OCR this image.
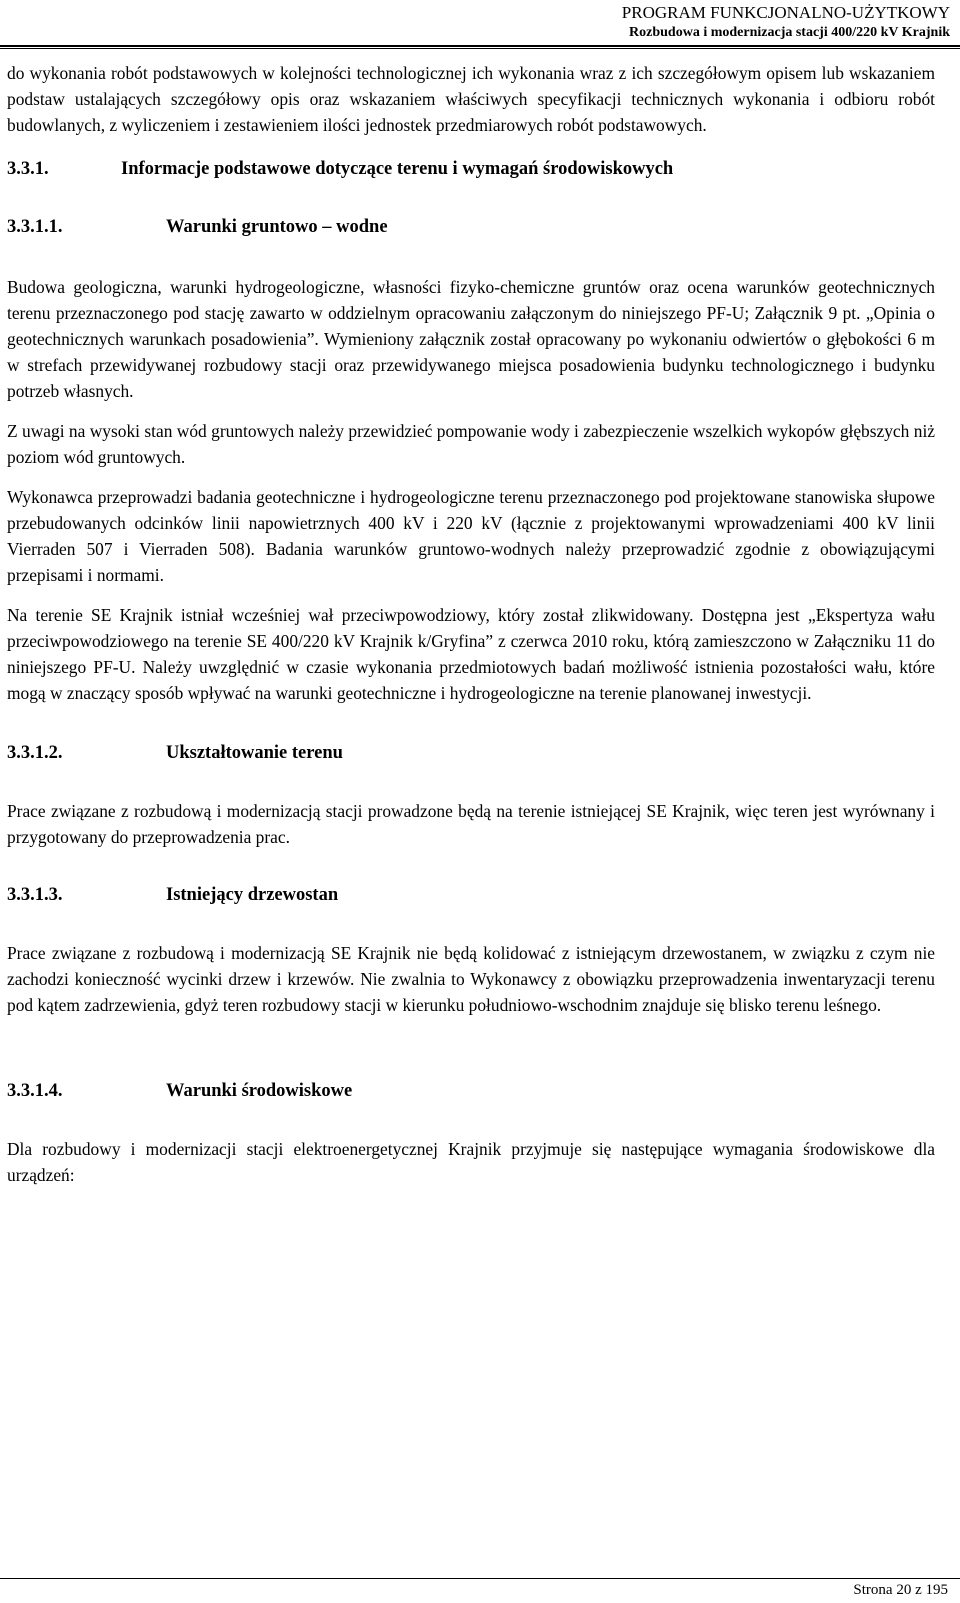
PROGRAM FUNKCJONALNO-UŻYTKOWY
Rozbudowa i modernizacja stacji 400/220 kV Krajnik

do wykonania robót podstawowych w kolejności technologicznej ich wykonania wraz z ich szczegółowym opisem lub wskazaniem podstaw ustalających szczegółowy opis oraz wskazaniem właściwych specyfikacji technicznych wykonania i odbioru robót budowlanych, z wyliczeniem i zestawieniem ilości jednostek przedmiarowych robót podstawowych.

3.3.1.	Informacje podstawowe dotyczące terenu i wymagań środowiskowych
3.3.1.1.	Warunki gruntowo – wodne

Budowa geologiczna, warunki hydrogeologiczne, własności fizyko-chemiczne gruntów oraz ocena warunków geotechnicznych terenu przeznaczonego pod stację zawarto w oddzielnym opracowaniu załączonym do niniejszego PF-U; Załącznik 9 pt. „Opinia o geotechnicznych warunkach posadowienia”. Wymieniony załącznik został opracowany po wykonaniu odwiertów o głębokości 6 m w strefach przewidywanej rozbudowy stacji oraz przewidywanego miejsca posadowienia budynku technologicznego i budynku potrzeb własnych.

Z uwagi na wysoki stan wód gruntowych należy przewidzieć pompowanie wody i zabezpieczenie wszelkich wykopów głębszych niż poziom wód gruntowych.

Wykonawca przeprowadzi badania geotechniczne i hydrogeologiczne terenu przeznaczonego pod projektowane stanowiska słupowe przebudowanych odcinków linii napowietrznych 400 kV i 220 kV (łącznie z projektowanymi wprowadzeniami 400 kV linii Vierraden 507 i Vierraden 508). Badania warunków gruntowo-wodnych należy przeprowadzić zgodnie z obowiązującymi przepisami i normami.

Na terenie SE Krajnik istniał wcześniej wał przeciwpowodziowy, który został zlikwidowany. Dostępna jest „Ekspertyza wału przeciwpowodziowego na terenie SE 400/220 kV Krajnik k/Gryfina” z czerwca 2010 roku, którą zamieszczono w Załączniku 11 do niniejszego PF-U. Należy uwzględnić w czasie wykonania przedmiotowych badań możliwość istnienia pozostałości wału, które mogą w znaczący sposób wpływać na warunki geotechniczne i hydrogeologiczne na terenie planowanej inwestycji.

3.3.1.2.	Ukształtowanie terenu

Prace związane z rozbudową i modernizacją stacji prowadzone będą na terenie istniejącej SE Krajnik, więc teren jest wyrównany i przygotowany do przeprowadzenia prac.

3.3.1.3.	Istniejący drzewostan

Prace związane z rozbudową i modernizacją SE Krajnik nie będą kolidować z istniejącym drzewostanem, w związku z czym nie zachodzi konieczność wycinki drzew i krzewów. Nie zwalnia to Wykonawcy z obowiązku przeprowadzenia inwentaryzacji terenu pod kątem zadrzewienia, gdyż teren rozbudowy stacji w kierunku południowo-wschodnim znajduje się blisko terenu leśnego.

3.3.1.4.	Warunki środowiskowe

Dla rozbudowy i modernizacji stacji elektroenergetycznej Krajnik przyjmuje się następujące wymagania środowiskowe dla urządzeń:

Strona 20 z 195
